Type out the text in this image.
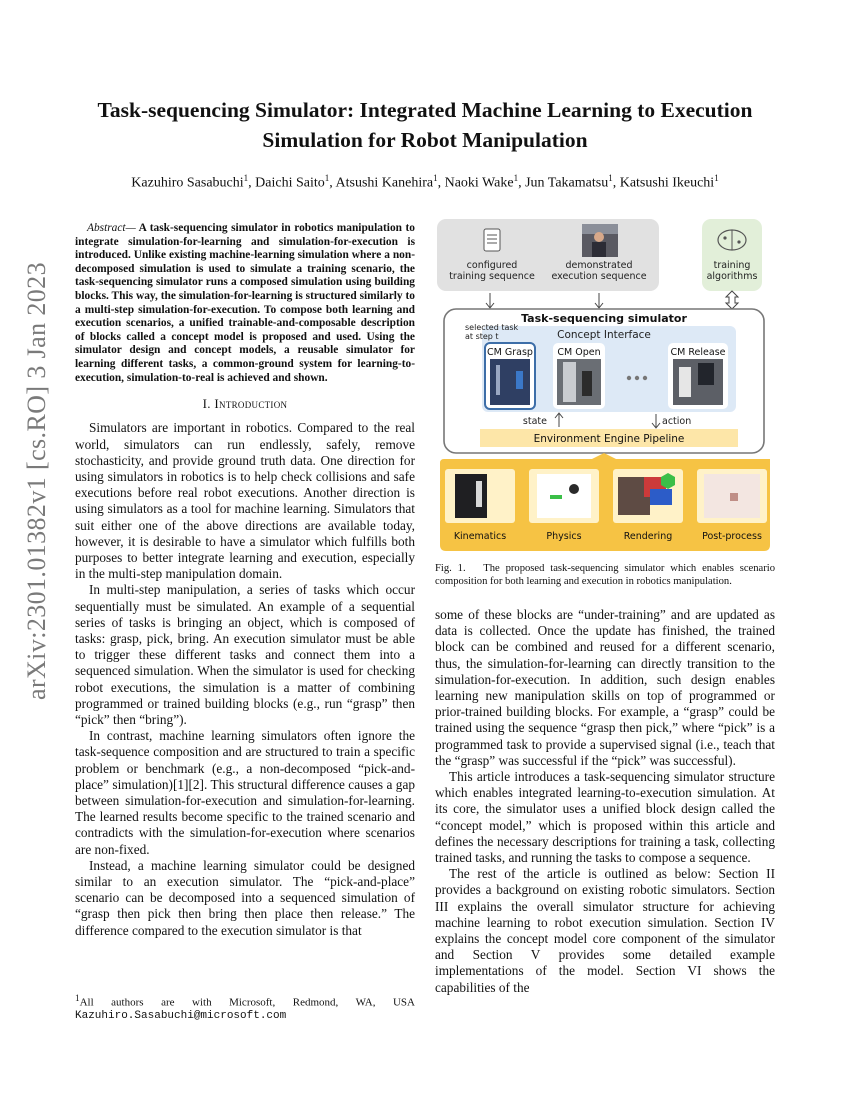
arXiv:2301.01382v1 [cs.RO] 3 Jan 2023
Task-sequencing Simulator: Integrated Machine Learning to Execution Simulation for Robot Manipulation
Kazuhiro Sasabuchi$^1$, Daichi Saito$^1$, Atsushi Kanehira$^1$, Naoki Wake$^1$, Jun Takamatsu$^1$, Katsushi Ikeuchi$^1$

Abstract— A task-sequencing simulator in robotics manipulation to integrate simulation-for-learning and simulation-for-execution is introduced. Unlike existing machine-learning simulation where a non-decomposed simulation is used to simulate a training scenario, the task-sequencing simulator runs a composed simulation using building blocks. This way, the simulation-for-learning is structured similarly to a multi-step simulation-for-execution. To compose both learning and execution scenarios, a unified trainable-and-composable description of blocks called a concept model is proposed and used. Using the simulator design and concept models, a reusable simulator for learning different tasks, a common-ground system for learning-to-execution, simulation-to-real is achieved and shown.

I. Introduction

Simulators are important in robotics. Compared to the real world, simulators can run endlessly, safely, remove stochasticity, and provide ground truth data. One direction for using simulators in robotics is to help check collisions and safe executions before real robot executions. Another direction is using simulators as a tool for machine learning. Simulators that suit either one of the above directions are available today, however, it is desirable to have a simulator which fulfills both purposes to better integrate learning and execution, especially in the multi-step manipulation domain.

In multi-step manipulation, a series of tasks which occur sequentially must be simulated. An example of a sequential series of tasks is bringing an object, which is composed of tasks: grasp, pick, bring. An execution simulator must be able to trigger these different tasks and connect them into a sequenced simulation. When the simulator is used for checking robot executions, the simulation is a matter of combining programmed or trained building blocks (e.g., run “grasp” then “pick” then “bring”).

In contrast, machine learning simulators often ignore the task-sequence composition and are structured to train a specific problem or benchmark (e.g., a non-decomposed “pick-and-place” simulation)[1][2]. This structural difference causes a gap between simulation-for-execution and simulation-for-learning. The learned results become specific to the trained scenario and contradicts with the simulation-for-execution where scenarios are non-fixed.

Instead, a machine learning simulator could be designed similar to an execution simulator. The “pick-and-place” scenario can be decomposed into a sequenced simulation of “grasp then pick then bring then place then release.” The difference compared to the execution simulator is that

$^1$All authors are with Microsoft, Redmond, WA, USA
Kazuhiro.Sasabuchi@microsoft.com
configured training sequence
demonstrated execution sequence
training algorithms
Task-sequencing simulator
Concept Interface
selected task at step t
CM Grasp	CM Open	CM Release
state	action
Environment Engine Pipeline
Kinematics	Physics	Rendering	Post-process
Fig. 1. The proposed task-sequencing simulator which enables scenario composition for both learning and execution in robotics manipulation.

some of these blocks are “under-training” and are updated as data is collected. Once the update has finished, the trained block can be combined and reused for a different scenario, thus, the simulation-for-learning can directly transition to the simulation-for-execution. In addition, such design enables learning new manipulation skills on top of programmed or prior-trained building blocks. For example, a “grasp” could be trained using the sequence “grasp then pick,” where “pick” is a programmed task to provide a supervised signal (i.e., teach that the “grasp” was successful if the “pick” was successful).

This article introduces a task-sequencing simulator structure which enables integrated learning-to-execution simulation. At its core, the simulator uses a unified block design called the “concept model,” which is proposed within this article and defines the necessary descriptions for training a task, collecting trained tasks, and running the tasks to compose a sequence.

The rest of the article is outlined as below: Section II provides a background on existing robotic simulators. Section III explains the overall simulator structure for achieving machine learning to robot execution simulation. Section IV explains the concept model core component of the simulator and Section V provides some detailed example implementations of the model. Section VI shows the capabilities of the
